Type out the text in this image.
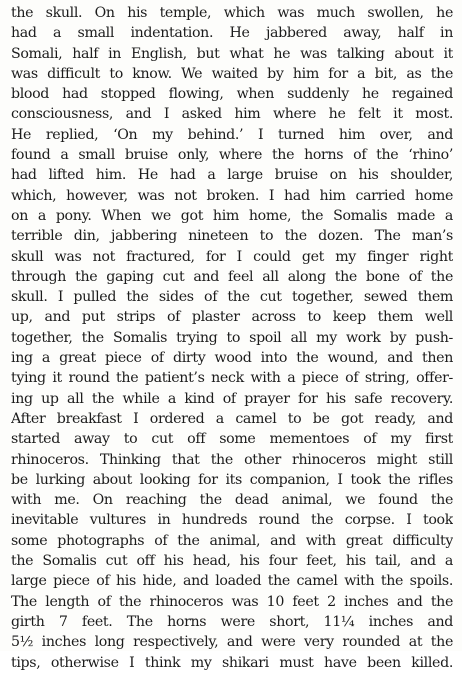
the skull. On his temple, which was much swollen, he
had a small indentation. He jabbered away, half in
Somali, half in English, but what he was talking about it
was difficult to know. We waited by him for a bit, as the
blood had stopped flowing, when suddenly he regained
consciousness, and I asked him where he felt it most.
He replied, ‘On my behind.’ I turned him over, and
found a small bruise only, where the horns of the ‘rhino’
had lifted him. He had a large bruise on his shoulder,
which, however, was not broken. I had him carried home
on a pony. When we got him home, the Somalis made a
terrible din, jabbering nineteen to the dozen. The man’s
skull was not fractured, for I could get my finger right
through the gaping cut and feel all along the bone of the
skull. I pulled the sides of the cut together, sewed them
up, and put strips of plaster across to keep them well
together, the Somalis trying to spoil all my work by push-
ing a great piece of dirty wood into the wound, and then
tying it round the patient’s neck with a piece of string, offer-
ing up all the while a kind of prayer for his safe recovery.
After breakfast I ordered a camel to be got ready, and
started away to cut off some mementoes of my first
rhinoceros. Thinking that the other rhinoceros might still
be lurking about looking for its companion, I took the rifles
with me. On reaching the dead animal, we found the
inevitable vultures in hundreds round the corpse. I took
some photographs of the animal, and with great difficulty
the Somalis cut off his head, his four feet, his tail, and a
large piece of his hide, and loaded the camel with the spoils.
The length of the rhinoceros was 10 feet 2 inches and the
girth 7 feet. The horns were short, 11¼ inches and
5½ inches long respectively, and were very rounded at the
tips, otherwise I think my shikari must have been killed.
